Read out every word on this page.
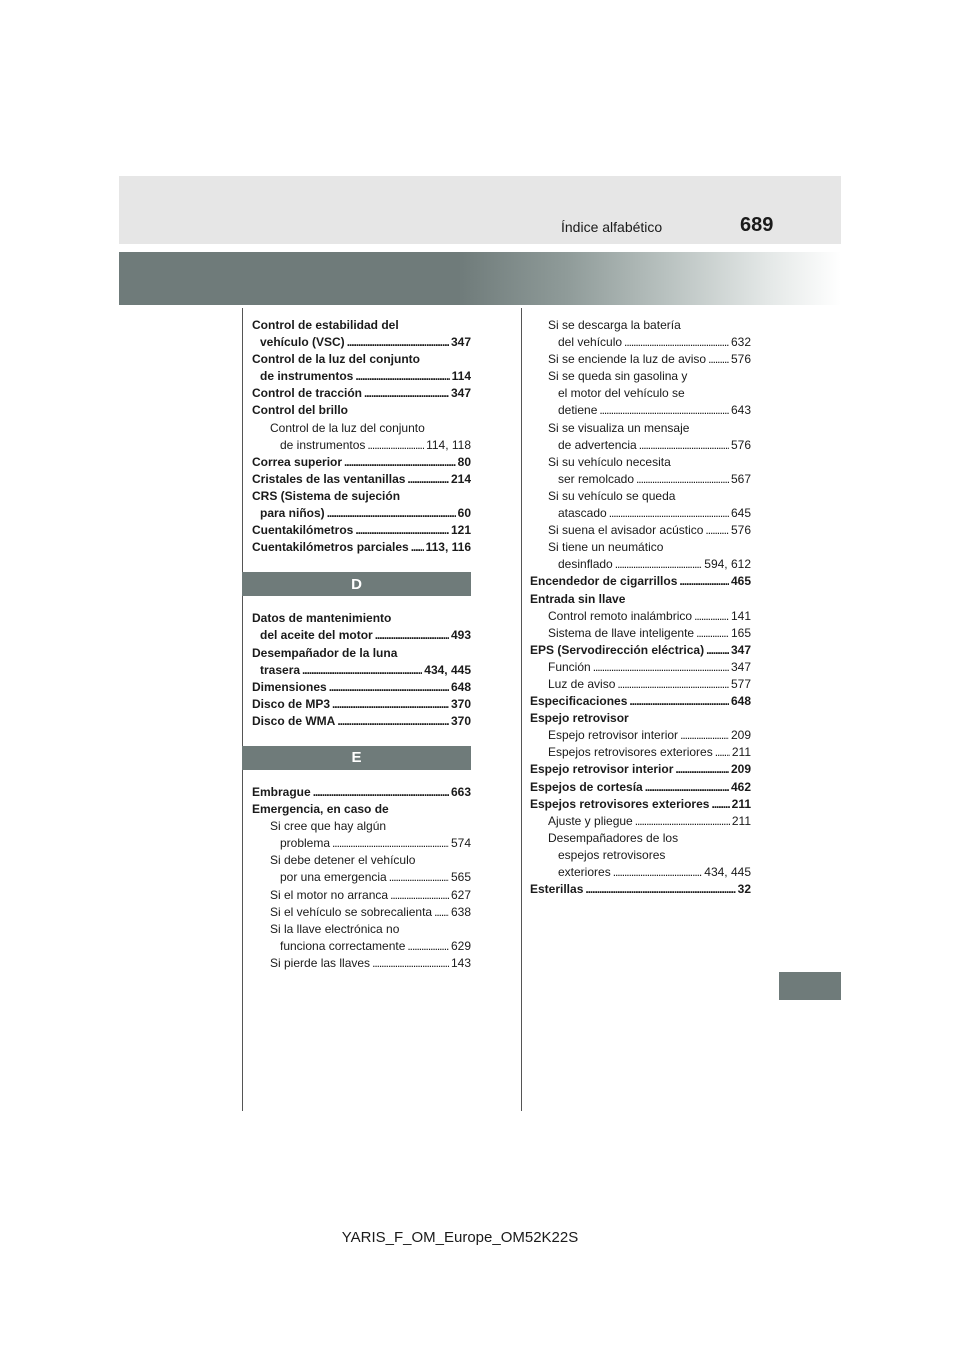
Índice alfabético	689
Control de estabilidad del
vehículo (VSC) . . .	347
Control de la luz del conjunto
de instrumentos . . .	114
Control de tracción . . .	347
Control del brillo
Control de la luz del conjunto
de instrumentos . . .	114, 118
Correa superior . . .	80
Cristales de las ventanillas . . .	214
CRS (Sistema de sujeción
para niños) . . .	60
Cuentakilómetros . . .	121
Cuentakilómetros parciales . . . 113, 116
D
Datos de mantenimiento
del aceite del motor . . .	493
Desempañador de la luna
trasera . . .	434, 445
Dimensiones . . .	648
Disco de MP3 . . .	370
Disco de WMA . . .	370
E
Embrague . . .	663
Emergencia, en caso de
Si cree que hay algún
problema . . .	574
Si debe detener el vehículo
por una emergencia . . .	565
Si el motor no arranca . . .	627
Si el vehículo se sobrecalienta . . . 638
Si la llave electrónica no
funciona correctamente . . .	629
Si pierde las llaves . . .	143
Si se descarga la batería
del vehículo . . .	632
Si se enciende la luz de aviso . . . 576
Si se queda sin gasolina y
el motor del vehículo se
detiene . . .	643
Si se visualiza un mensaje
de advertencia . . .	576
Si su vehículo necesita
ser remolcado . . .	567
Si su vehículo se queda
atascado . . .	645
Si suena el avisador acústico . . . 576
Si tiene un neumático
desinflado . . .	594, 612
Encendedor de cigarrillos . . .	465
Entrada sin llave
Control remoto inalámbrico . . .	141
Sistema de llave inteligente . . .	165
EPS (Servodirección eléctrica) . . . 347
Función . . .	347
Luz de aviso . . .	577
Especificaciones . . .	648
Espejo retrovisor
Espejo retrovisor interior . . .	209
Espejos retrovisores exteriores . . . 211
Espejo retrovisor interior . . .	209
Espejos de cortesía . . .	462
Espejos retrovisores exteriores . . . 211
Ajuste y pliegue . . .	211
Desempañadores de los
espejos retrovisores
exteriores . . .	434, 445
Esterillas . . .	32
YARIS_F_OM_Europe_OM52K22S
